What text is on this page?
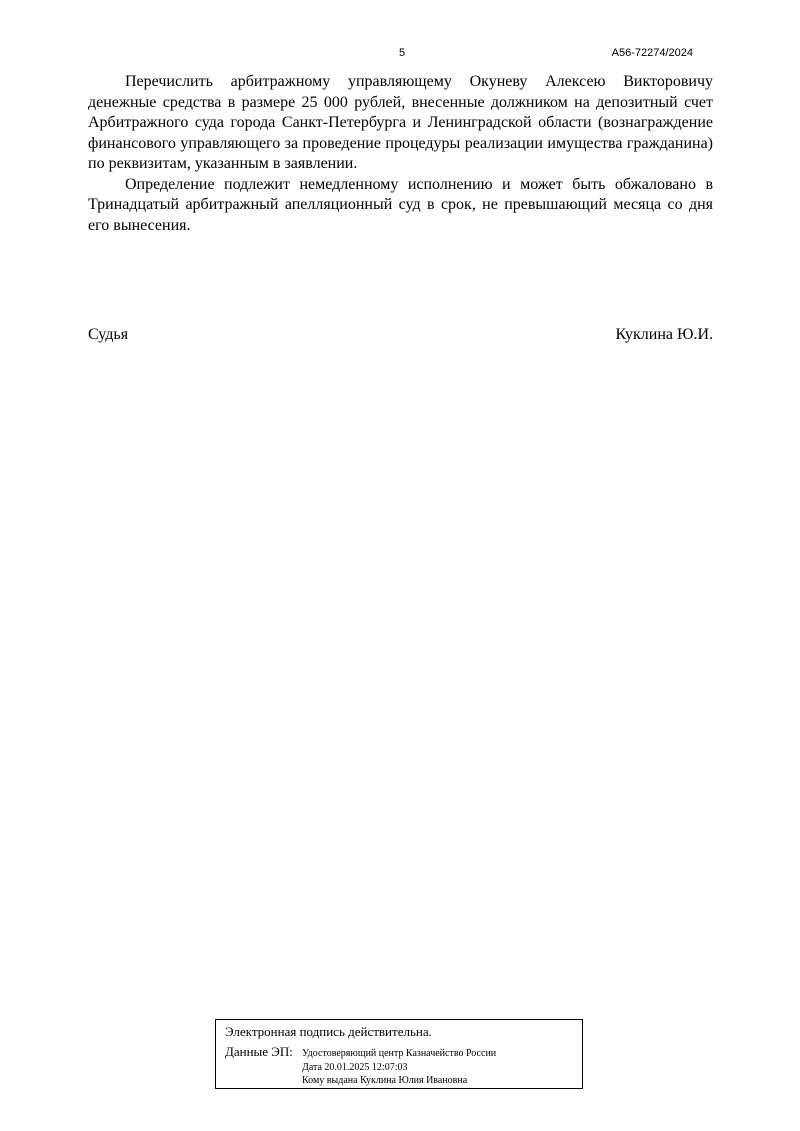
5	А56-72274/2024

Перечислить арбитражному управляющему Окуневу Алексею Викторовичу денежные средства в размере 25 000 рублей, внесенные должником на депозитный счет Арбитражного суда города Санкт-Петербурга и Ленинградской области (вознаграждение финансового управляющего за проведение процедуры реализации имущества гражданина) по реквизитам, указанным в заявлении.

Определение подлежит немедленному исполнению и может быть обжаловано в Тринадцатый арбитражный апелляционный суд в срок, не превышающий месяца со дня его вынесения.

Судья	Куклина Ю.И.
Электронная подпись действительна.
Данные ЭП: Удостоверяющий центр Казначейство России
Дата 20.01.2025 12:07:03
Кому выдана Куклина Юлия Ивановна
